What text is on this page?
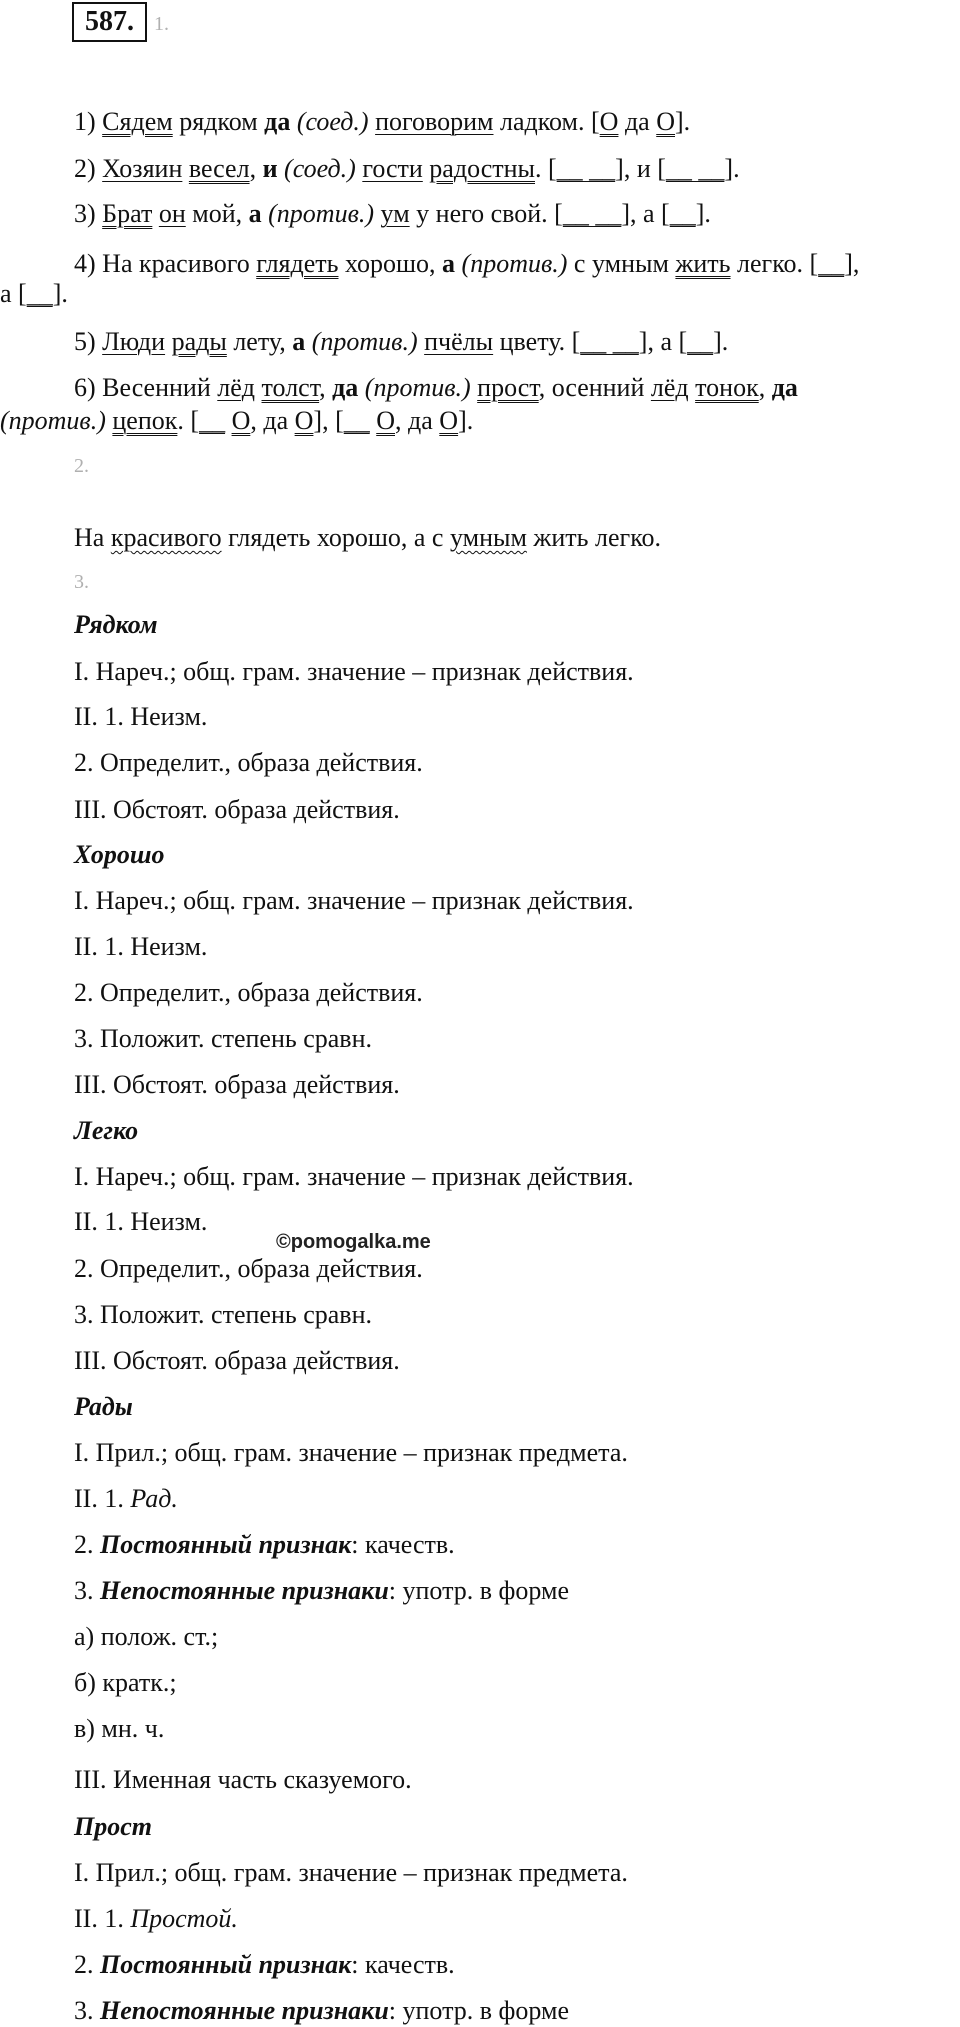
587.	1.
1) Сядем рядком да (соед.) поговорим ладком. [О да О].
2) Хозяин весел, и (соед.) гости радостны. [__ __], и [__ __].
3) Брат он мой, а (против.) ум у него свой. [__ __], а [__].
4) На красивого глядеть хорошо, а (против.) с умным жить легко. [__],
а [__].
5) Люди рады лету, а (против.) пчёлы цвету. [__ __], а [__].
6) Весенний лёд толст, да (против.) прост, осенний лёд тонок, да
(против.) цепок. [__ О, да О], [__ О, да О].
2.
На красивого глядеть хорошо, а с умным жить легко.
3.
Рядком
I. Нареч.; общ. грам. значение – признак действия.
II. 1. Неизм.
2. Определит., образа действия.
III. Обстоят. образа действия.
Хорошо
I. Нареч.; общ. грам. значение – признак действия.
II. 1. Неизм.
2. Определит., образа действия.
3. Положит. степень сравн.
III. Обстоят. образа действия.
Легко
I. Нареч.; общ. грам. значение – признак действия.
II. 1. Неизм.
2. Определит., образа действия.
3. Положит. степень сравн.
III. Обстоят. образа действия.
©pomogalka.me
Рады
I. Прил.; общ. грам. значение – признак предмета.
II. 1. Рад.
2. Постоянный признак: качеств.
3. Непостоянные признаки: употр. в форме
а) полож. ст.;
б) кратк.;
в) мн. ч.
III. Именная часть сказуемого.
Прост
I. Прил.; общ. грам. значение – признак предмета.
II. 1. Простой.
2. Постоянный признак: качеств.
3. Непостоянные признаки: употр. в форме
